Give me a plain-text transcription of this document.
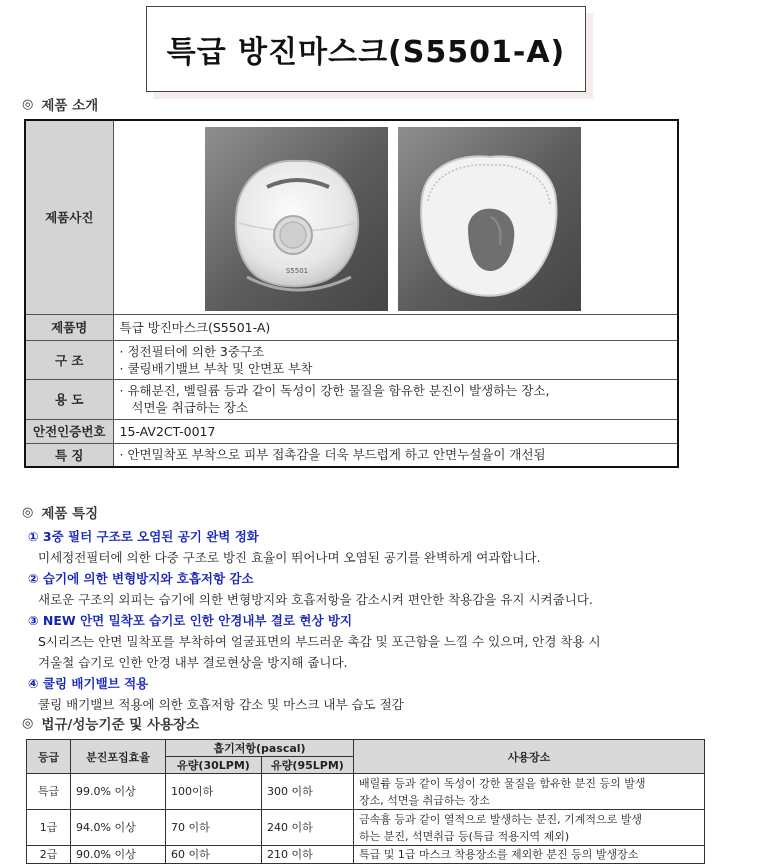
특급 방진마스크(S5501-A)
◎ 제품 소개
제품사진	S5501

제품명	특급 방진마스크(S5501-A)
구 조	· 정전필터에 의한 3중구조
· 쿨링배기밸브 부착 및 안면포 부착

용 도	· 유해분진, 벨릴륨 등과 같이 독성이 강한 물질을 함유한 분진이 발생하는 장소,
석면을 취급하는 장소

안전인증번호	15-AV2CT-0017
특 징	· 안면밀착포 부착으로 피부 접촉감을 더욱 부드럽게 하고 안면누설율이 개선됨
◎ 제품 특징
① 3중 필터 구조로 오염된 공기 완벽 정화
미세정전필터에 의한 다중 구조로 방진 효율이 뛰어나며 오염된 공기를 완벽하게 여과합니다.
② 습기에 의한 변형방지와 호흡저항 감소
새로운 구조의 외피는 습기에 의한 변형방지와 호흡저항을 감소시켜 편안한 착용감을 유지 시켜줍니다.
③ NEW 안면 밀착포 습기로 인한 안경내부 결로 현상 방지
S시리즈는 안면 밀착포를 부착하여 얼굴표면의 부드러운 촉감 및 포근함을 느낄 수 있으며, 안경 착용 시
겨울철 습기로 인한 안경 내부 결로현상을 방지해 줍니다.
④ 쿨링 배기밸브 적용
쿨링 배기밸브 적용에 의한 호흡저항 감소 및 마스크 내부 습도 절감
◎ 법규/성능기준 및 사용장소
등급	분진포집효율	흡기저항(pascal)		사용장소
		유량(30LPM)	유량(95LPM)	
특급	99.0% 이상	100이하	300 이하	배릴륨 등과 같이 독성이 강한 물질을 함유한 분진 등의 발생
장소, 석면을 취급하는 장소

1급	94.0% 이상	70 이하	240 이하	금속흄 등과 같이 열적으로 발생하는 분진, 기계적으로 발생
하는 분진, 석면취급 등(특급 적용지역 제외)

2급	90.0% 이상	60 이하	210 이하	특급 및 1급 마스크 착용장소를 제외한 분진 등의 발생장소
